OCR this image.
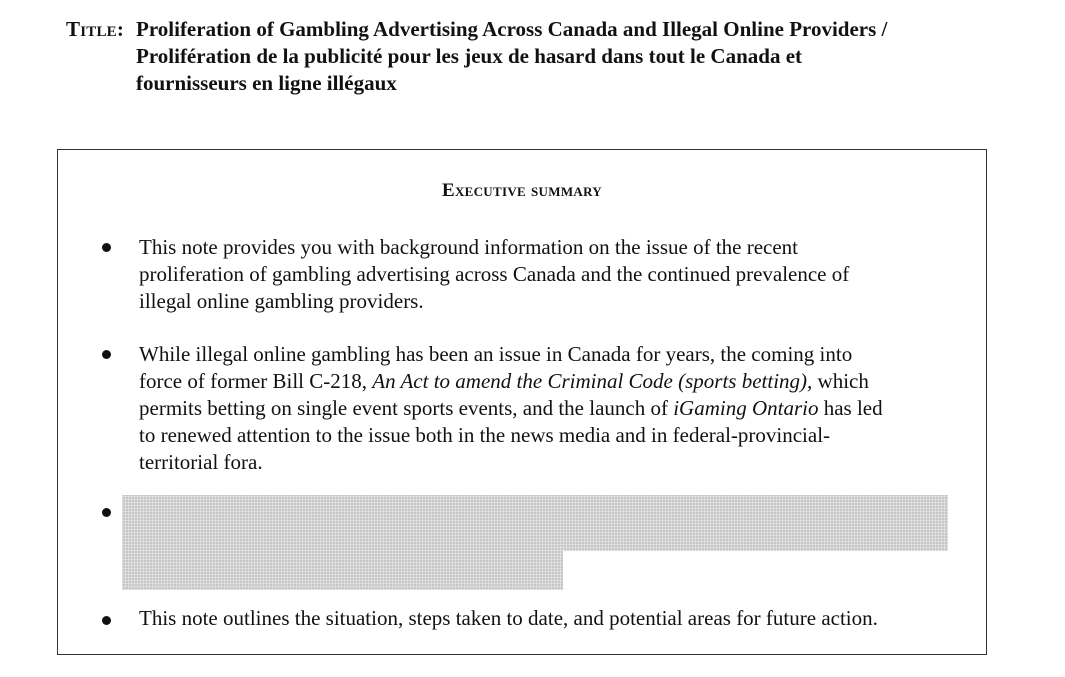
Title: Proliferation of Gambling Advertising Across Canada and Illegal Online Providers /
Prolifération de la publicité pour les jeux de hasard dans tout le Canada et
fournisseurs en ligne illégaux
Executive summary
This note provides you with background information on the issue of the recent
proliferation of gambling advertising across Canada and the continued prevalence of
illegal online gambling providers.
While illegal online gambling has been an issue in Canada for years, the coming into
force of former Bill C-218, An Act to amend the Criminal Code (sports betting), which
permits betting on single event sports events, and the launch of iGaming Ontario has led
to renewed attention to the issue both in the news media and in federal-provincial-
territorial fora.
This note outlines the situation, steps taken to date, and potential areas for future action.
